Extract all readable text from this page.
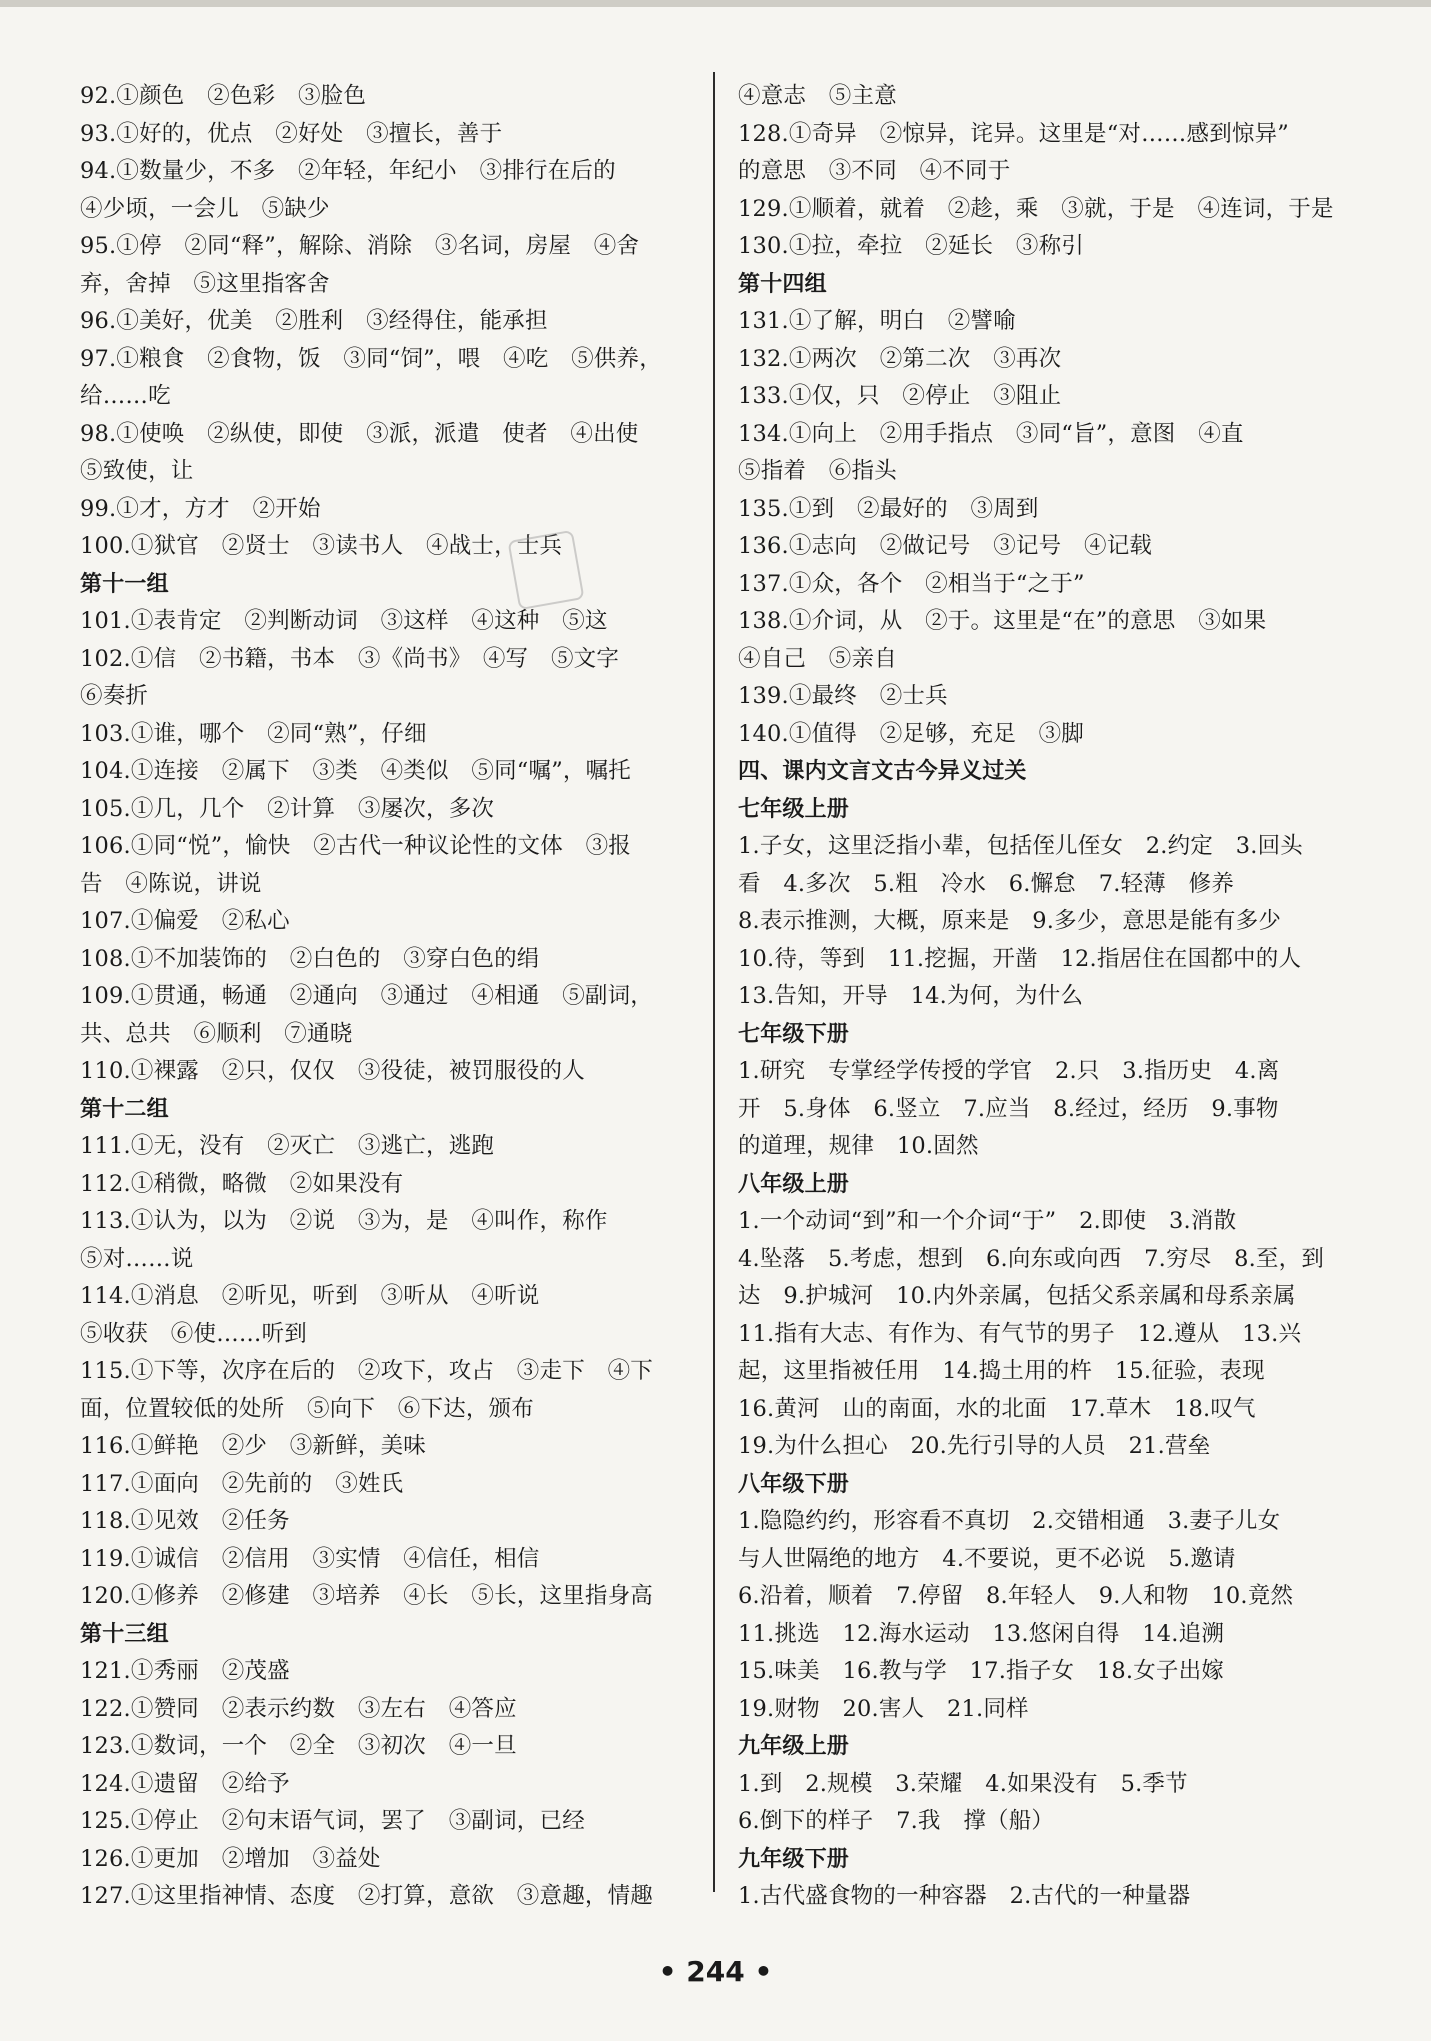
92.①颜色　②色彩　③脸色
93.①好的，优点　②好处　③擅长，善于
94.①数量少，不多　②年轻，年纪小　③排行在后的
④少顷，一会儿　⑤缺少
95.①停　②同“释”，解除、消除　③名词，房屋　④舍
弃，舍掉　⑤这里指客舍
96.①美好，优美　②胜利　③经得住，能承担
97.①粮食　②食物，饭　③同“饲”，喂　④吃　⑤供养，
给……吃
98.①使唤　②纵使，即使　③派，派遣　使者　④出使
⑤致使，让
99.①才，方才　②开始
100.①狱官　②贤士　③读书人　④战士，士兵
第十一组
101.①表肯定　②判断动词　③这样　④这种　⑤这
102.①信　②书籍，书本　③《尚书》　④写　⑤文字
⑥奏折
103.①谁，哪个　②同“熟”，仔细
104.①连接　②属下　③类　④类似　⑤同“嘱”，嘱托
105.①几，几个　②计算　③屡次，多次
106.①同“悦”，愉快　②古代一种议论性的文体　③报
告　④陈说，讲说
107.①偏爱　②私心
108.①不加装饰的　②白色的　③穿白色的绢
109.①贯通，畅通　②通向　③通过　④相通　⑤副词，
共、总共　⑥顺利　⑦通晓
110.①裸露　②只，仅仅　③役徒，被罚服役的人
第十二组
111.①无，没有　②灭亡　③逃亡，逃跑
112.①稍微，略微　②如果没有
113.①认为，以为　②说　③为，是　④叫作，称作
⑤对……说
114.①消息　②听见，听到　③听从　④听说
⑤收获　⑥使……听到
115.①下等，次序在后的　②攻下，攻占　③走下　④下
面，位置较低的处所　⑤向下　⑥下达，颁布
116.①鲜艳　②少　③新鲜，美味
117.①面向　②先前的　③姓氏
118.①见效　②任务
119.①诚信　②信用　③实情　④信任，相信
120.①修养　②修建　③培养　④长　⑤长，这里指身高
第十三组
121.①秀丽　②茂盛
122.①赞同　②表示约数　③左右　④答应
123.①数词，一个　②全　③初次　④一旦
124.①遗留　②给予
125.①停止　②句末语气词，罢了　③副词，已经
126.①更加　②增加　③益处
127.①这里指神情、态度　②打算，意欲　③意趣，情趣
④意志　⑤主意
128.①奇异　②惊异，诧异。这里是“对……感到惊异”
的意思　③不同　④不同于
129.①顺着，就着　②趁，乘　③就，于是　④连词，于是
130.①拉，牵拉　②延长　③称引
第十四组
131.①了解，明白　②譬喻
132.①两次　②第二次　③再次
133.①仅，只　②停止　③阻止
134.①向上　②用手指点　③同“旨”，意图　④直
⑤指着　⑥指头
135.①到　②最好的　③周到
136.①志向　②做记号　③记号　④记载
137.①众，各个　②相当于“之于”
138.①介词，从　②于。这里是“在”的意思　③如果
④自己　⑤亲自
139.①最终　②士兵
140.①值得　②足够，充足　③脚
四、课内文言文古今异义过关
七年级上册
1.子女，这里泛指小辈，包括侄儿侄女　2.约定　3.回头
看　4.多次　5.粗　冷水　6.懈怠　7.轻薄　修养
8.表示推测，大概，原来是　9.多少，意思是能有多少
10.待，等到　11.挖掘，开凿　12.指居住在国都中的人
13.告知，开导　14.为何，为什么
七年级下册
1.研究　专掌经学传授的学官　2.只　3.指历史　4.离
开　5.身体　6.竖立　7.应当　8.经过，经历　9.事物
的道理，规律　10.固然
八年级上册
1.一个动词“到”和一个介词“于”　2.即使　3.消散
4.坠落　5.考虑，想到　6.向东或向西　7.穷尽　8.至，到
达　9.护城河　10.内外亲属，包括父系亲属和母系亲属
11.指有大志、有作为、有气节的男子　12.遵从　13.兴
起，这里指被任用　14.捣土用的杵　15.征验，表现
16.黄河　山的南面，水的北面　17.草木　18.叹气
19.为什么担心　20.先行引导的人员　21.营垒
八年级下册
1.隐隐约约，形容看不真切　2.交错相通　3.妻子儿女
与人世隔绝的地方　4.不要说，更不必说　5.邀请
6.沿着，顺着　7.停留　8.年轻人　9.人和物　10.竟然
11.挑选　12.海水运动　13.悠闲自得　14.追溯
15.味美　16.教与学　17.指子女　18.女子出嫁
19.财物　20.害人　21.同样
九年级上册
1.到　2.规模　3.荣耀　4.如果没有　5.季节
6.倒下的样子　7.我　撑（船）
九年级下册
1.古代盛食物的一种容器　2.古代的一种量器
• 244 •
